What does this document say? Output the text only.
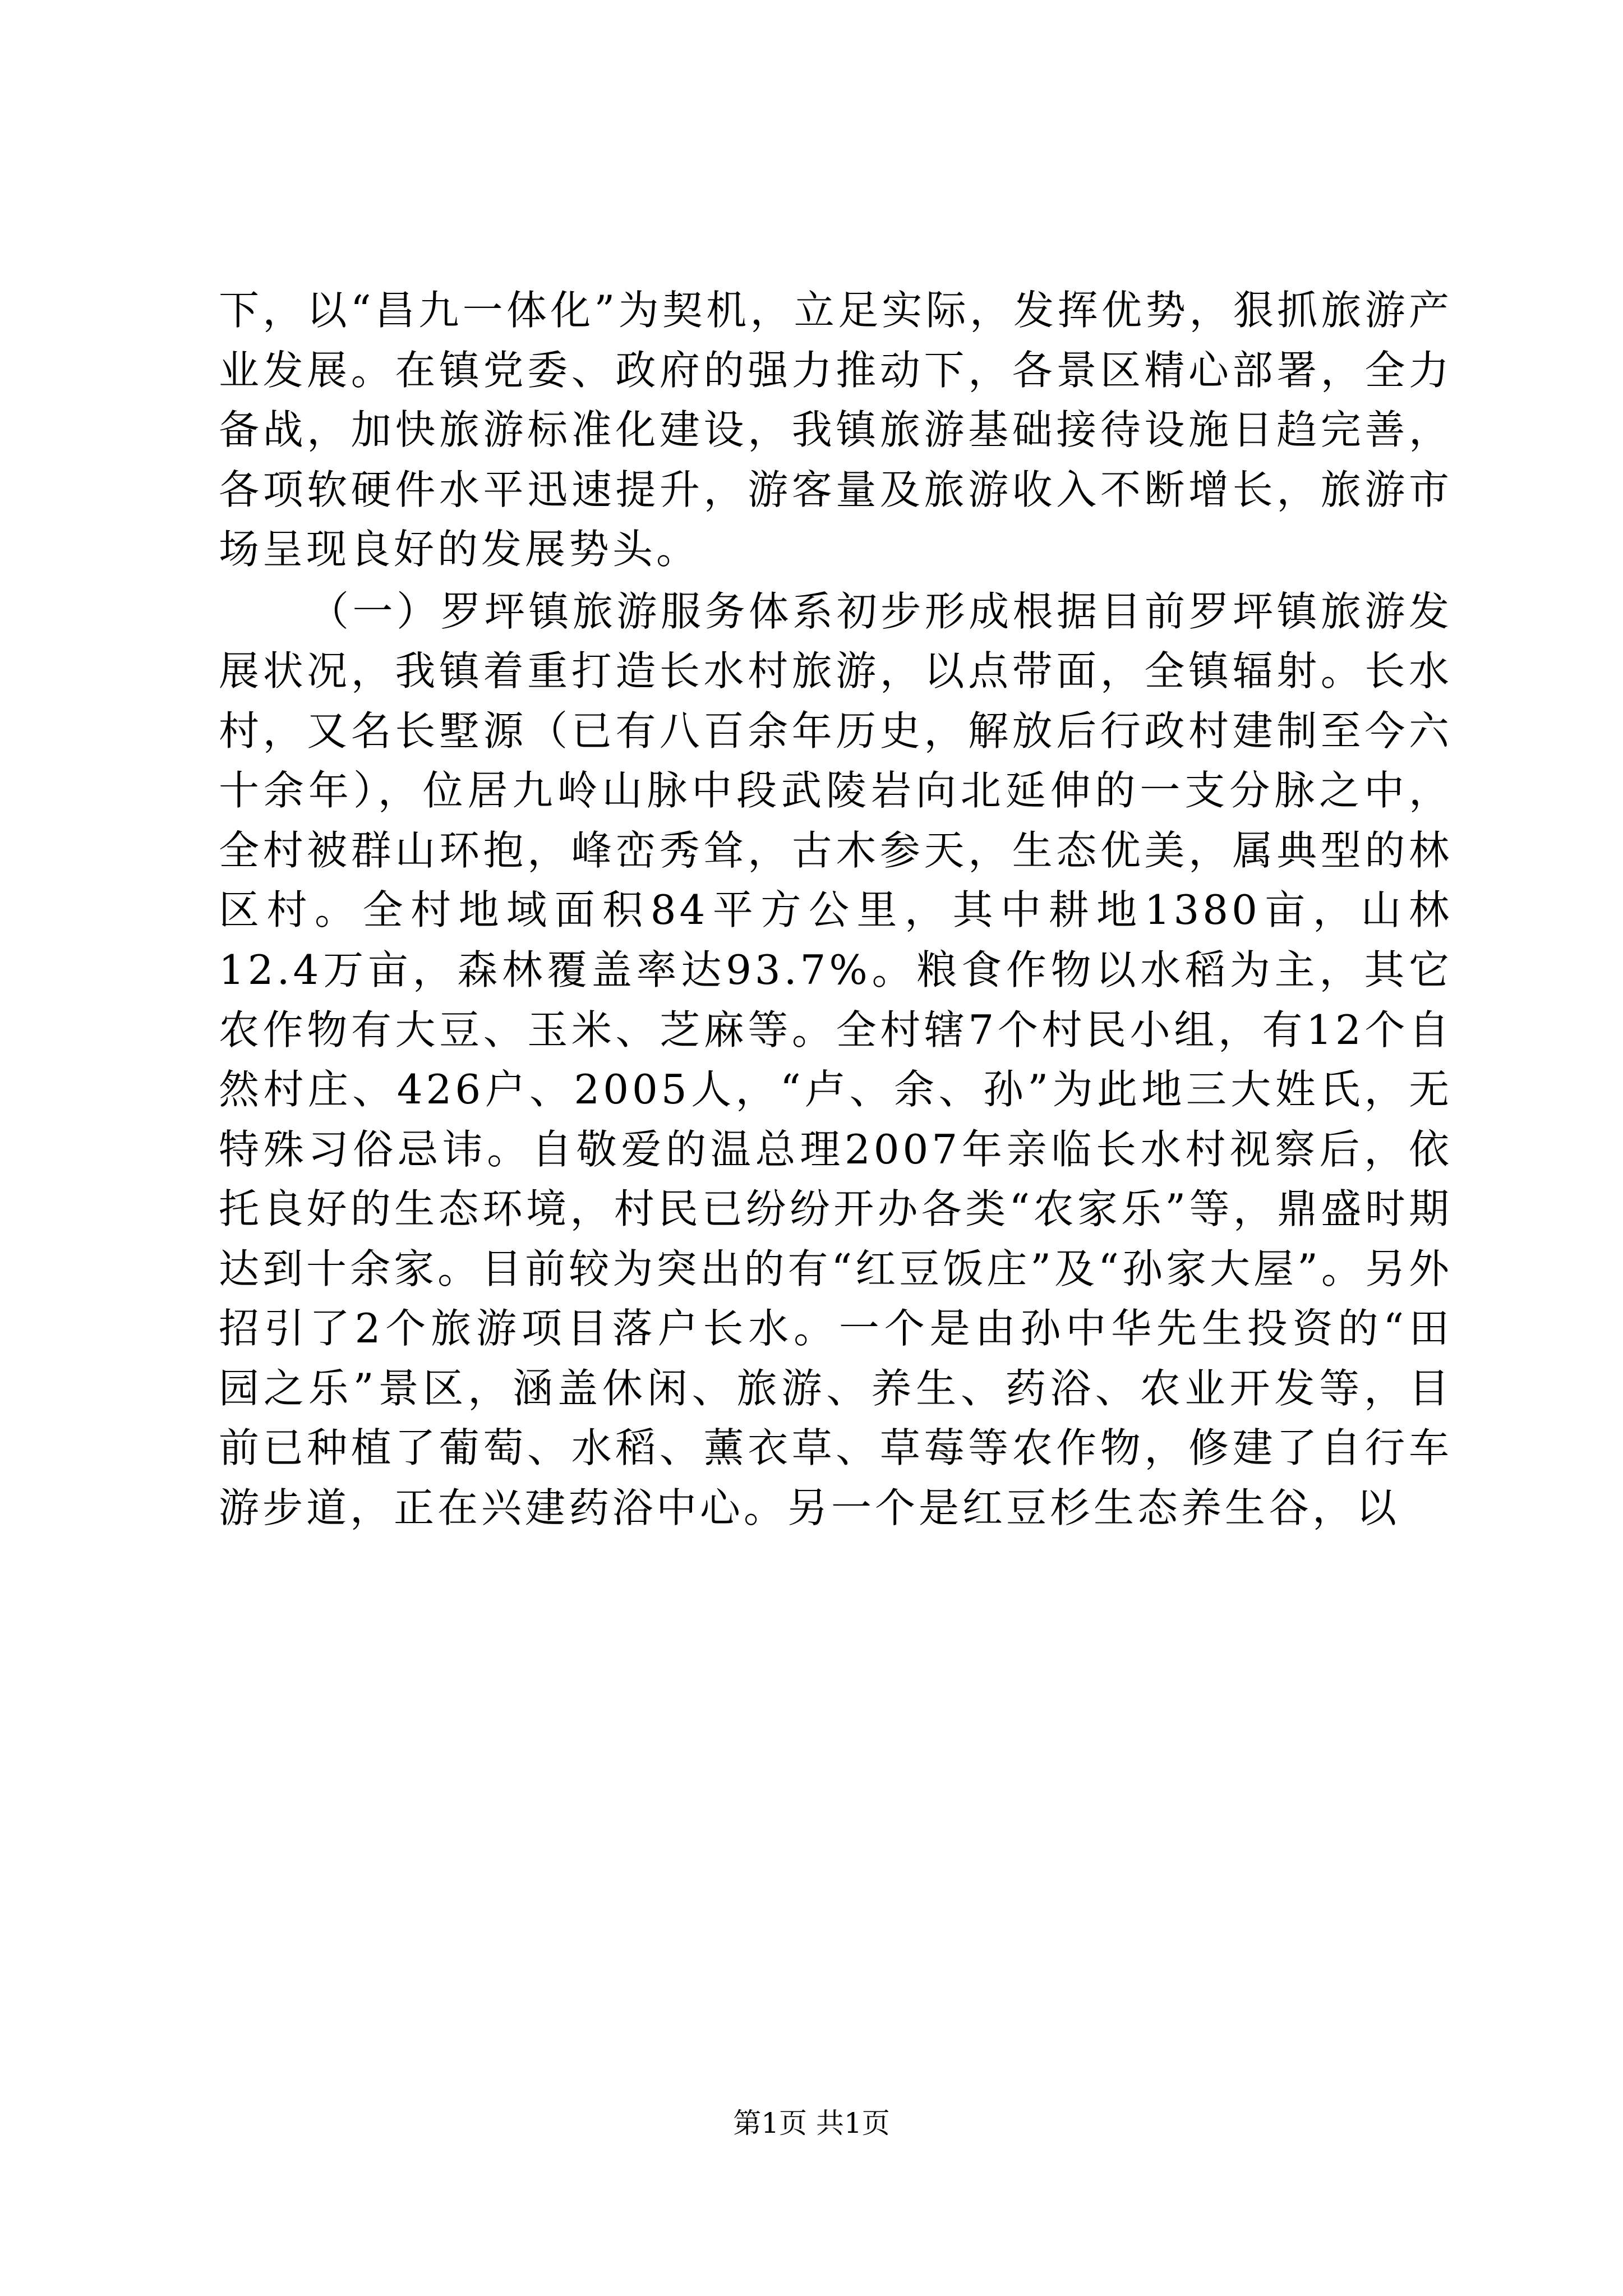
下，以“昌九一体化”为契机，立足实际，发挥优势，狠抓旅游产业发展。在镇党委、政府的强力推动下，各景区精心部署，全力备战，加快旅游标准化建设，我镇旅游基础接待设施日趋完善，各项软硬件水平迅速提升，游客量及旅游收入不断增长，旅游市场呈现良好的发展势头。

（一）罗坪镇旅游服务体系初步形成根据目前罗坪镇旅游发展状况，我镇着重打造长水村旅游，以点带面，全镇辐射。长水村，又名长墅源（已有八百余年历史，解放后行政村建制至今六十余年），位居九岭山脉中段武陵岩向北延伸的一支分脉之中，全村被群山环抱，峰峦秀耸，古木参天，生态优美，属典型的林区村。全村地域面积84平方公里，其中耕地1380亩，山林12.4万亩，森林覆盖率达93.7%。粮食作物以水稻为主，其它农作物有大豆、玉米、芝麻等。全村辖7个村民小组，有12个自然村庄、426户、2005人，“卢、余、孙”为此地三大姓氏，无特殊习俗忌讳。自敬爱的温总理2007年亲临长水村视察后，依托良好的生态环境，村民已纷纷开办各类“农家乐”等，鼎盛时期达到十余家。目前较为突出的有“红豆饭庄”及“孙家大屋”。另外招引了2个旅游项目落户长水。一个是由孙中华先生投资的“田园之乐”景区，涵盖休闲、旅游、养生、药浴、农业开发等，目前已种植了葡萄、水稻、薰衣草、草莓等农作物，修建了自行车游步道，正在兴建药浴中心。另一个是红豆杉生态养生谷，以

第1页 共1页
